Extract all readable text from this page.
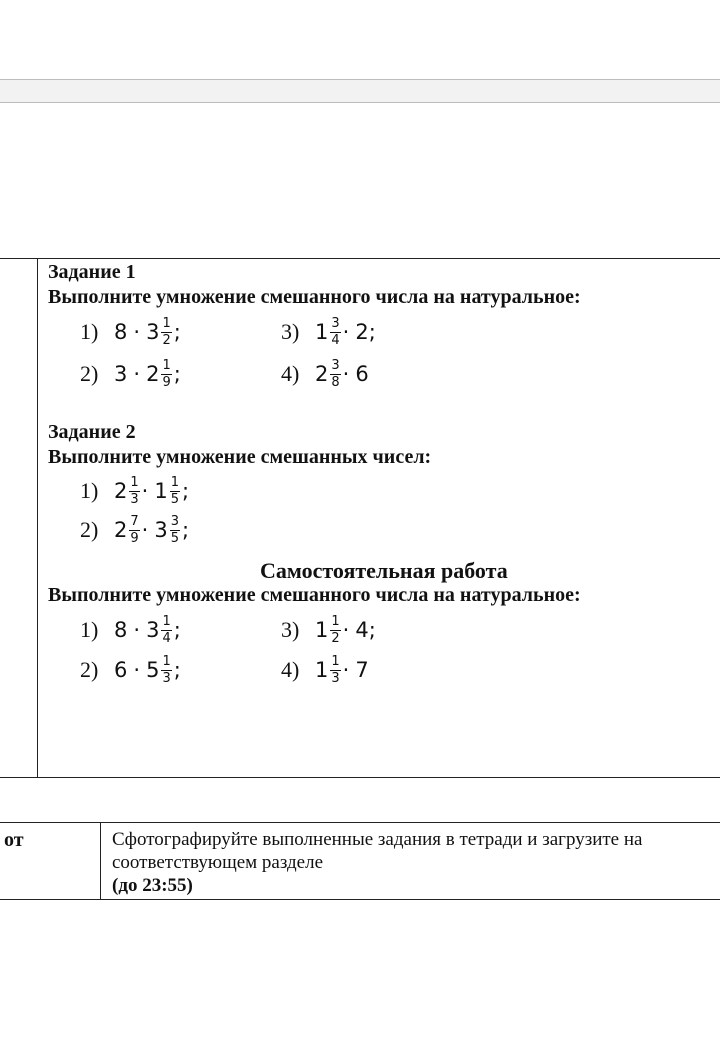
Задание 1
Выполните умножение смешанного числа на натуральное:
1) $8 \cdot 3 \frac{1}{2}$ ;	3) $1 \frac{3}{4} \cdot 2$ ;
2) $3 \cdot 2 \frac{1}{9}$ ;	4) $2 \frac{3}{8} \cdot 6$
Задание 2
Выполните умножение смешанных чисел:
1) $2 \frac{1}{3} \cdot 1 \frac{1}{5}$ ;
2) $2 \frac{7}{9} \cdot 3 \frac{3}{5}$ ;
Самостоятельная работа
Выполните умножение смешанного числа на натуральное:
1) $8 \cdot 3 \frac{1}{4}$ ;	3) $1 \frac{1}{2} \cdot 4$ ;
2) $6 \cdot 5 \frac{1}{3}$ ;	4) $1 \frac{1}{3} \cdot 7$
от	Сфотографируйте выполненные задания в тетради и загрузите на
соответствующем разделе
(до 23:55)
